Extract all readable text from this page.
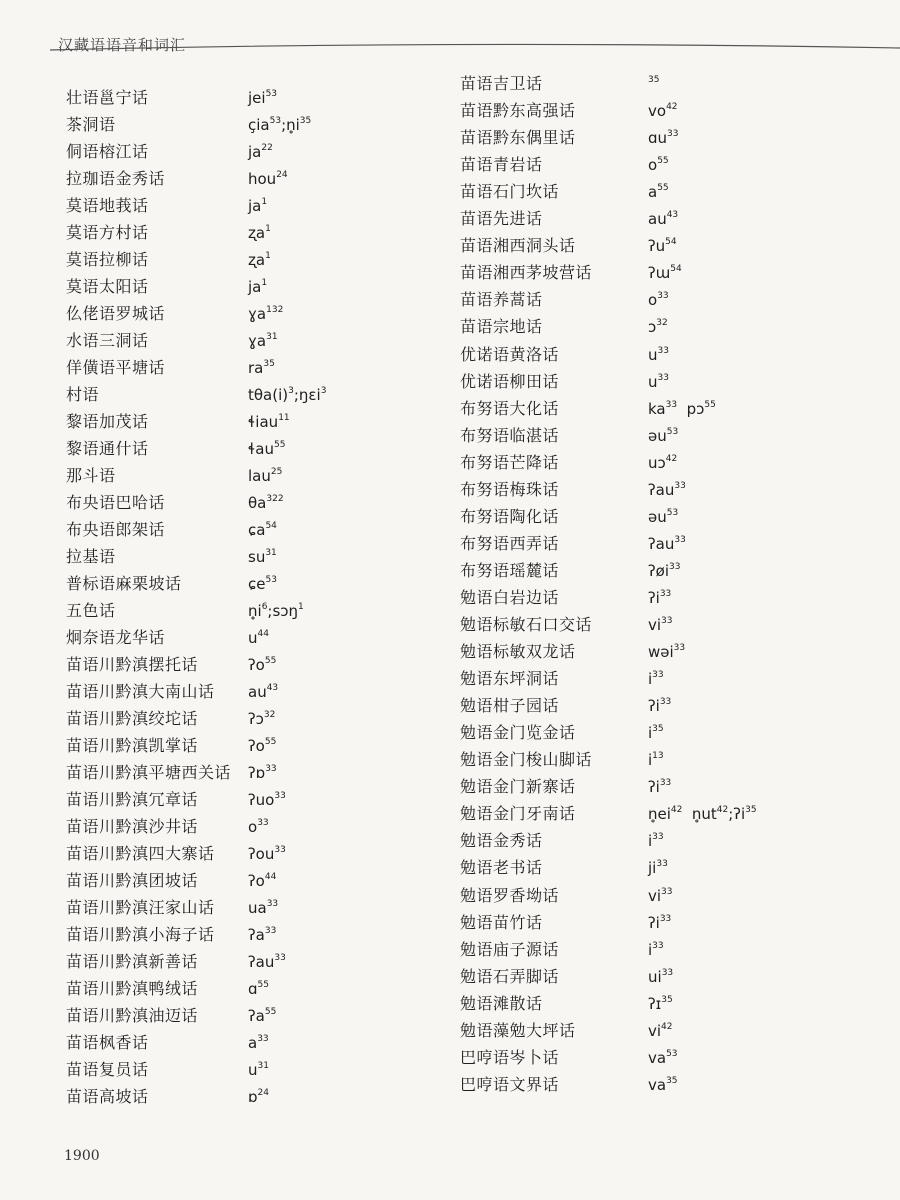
汉藏语语音和词汇
壮语邕宁话	jei$^{53}$
茶洞语	$çia^{53};n̥i^{35}$
侗语榕江话	$ja^{22}$
拉珈语金秀话	hou$^{24}$
莫语地莪话	$ja^1$
莫语方村话	ʐa$^1$
莫语拉柳话	ʐa$^1$
莫语太阳话	$ja^1$
仫佬语罗城话	ɣa$^{132}$
水语三洞话	ɣa$^{31}$
佯僙语平塘话	$ra^{35}$
村语	$t\theta a(i)^3;ŋɛi^3$
黎语加茂话	ɬiau$^{11}$
黎语通什话	ɬau$^{55}$
那斗语	lau$^{25}$
布央语巴哈话	$\theta a^{322}$
布央语郎架话	ɕa$^{54}$
拉基语	$su^{31}$
普标语麻栗坡话	ɕe$^{53}$
五色话	$n̥i^6;sɔŋ^1$
炯奈语龙华话	$u^{44}$
苗语川黔滇摆托话	ʔo$^{55}$
苗语川黔滇大南山话 $au^{43}$
苗语川黔滇绞坨话	ʔɔ$^{32}$
苗语川黔滇凯掌话	ʔo$^{55}$
苗语川黔滇平塘西关话 ʔɒ$^{33}$
苗语川黔滇冗章话	ʔuo$^{33}$
苗语川黔滇沙井话	$o^{33}$
苗语川黔滇四大寨话 ʔou$^{33}$
苗语川黔滇团坡话	ʔo$^{44}$
苗语川黔滇汪家山话 $ua^{33}$
苗语川黔滇小海子话 ʔa$^{33}$
苗语川黔滇新善话	ʔau$^{33}$
苗语川黔滇鸭绒话	ɑ$^{55}$
苗语川黔滇油迈话	ʔa$^{55}$
苗语枫香话	$a^{33}$
苗语复员话	$u^{31}$
苗语高坡话	ɒ$^{24}$
苗语吉卫话	$^{35}$
苗语黔东高强话	$vo^{42}$
苗语黔东偶里话	ɑu$^{33}$
苗语青岩话	$o^{55}$
苗语石门坎话	$a^{55}$
苗语先进话	$au^{43}$
苗语湘西洞头话	ʔu$^{54}$
苗语湘西茅坡营话	ʔɯ$^{54}$
苗语养蒿话	$o^{33}$
苗语宗地话	ɔ$^{32}$
优诺语黄洛话	$u^{33}$
优诺语柳田话	$u^{33}$
布努语大化话	$ka^{33}$  pɔ$^{55}$
布努语临湛话	əu$^{53}$
布努语芒降话	uɔ$^{42}$
布努语梅珠话	ʔau$^{33}$
布努语陶化话	əu$^{53}$
布努语西弄话	ʔau$^{33}$
布努语瑶麓话	ʔøi$^{33}$
勉语白岩边话	ʔi$^{33}$
勉语标敏石口交话	$vi^{33}$
勉语标敏双龙话	wəi$^{33}$
勉语东坪洞话	$i^{33}$
勉语柑子园话	ʔi$^{33}$
勉语金门览金话	$i^{35}$
勉语金门梭山脚话	$i^{13}$
勉语金门新寨话	ʔi$^{33}$
勉语金门牙南话	$n̥ei^{42}$  $n̥ut^{42};ʔi^{35}$
勉语金秀话	$i^{33}$
勉语老书话	$ji^{33}$
勉语罗香坳话	$vi^{33}$
勉语苗竹话	ʔi$^{33}$
勉语庙子源话	$i^{33}$
勉语石弄脚话	$ui^{33}$
勉语滩散话	ʔɪ$^{35}$
勉语藻勉大坪话	$vi^{42}$
巴哼语岑卜话	$va^{53}$
巴哼语文界话	$va^{35}$
1900
